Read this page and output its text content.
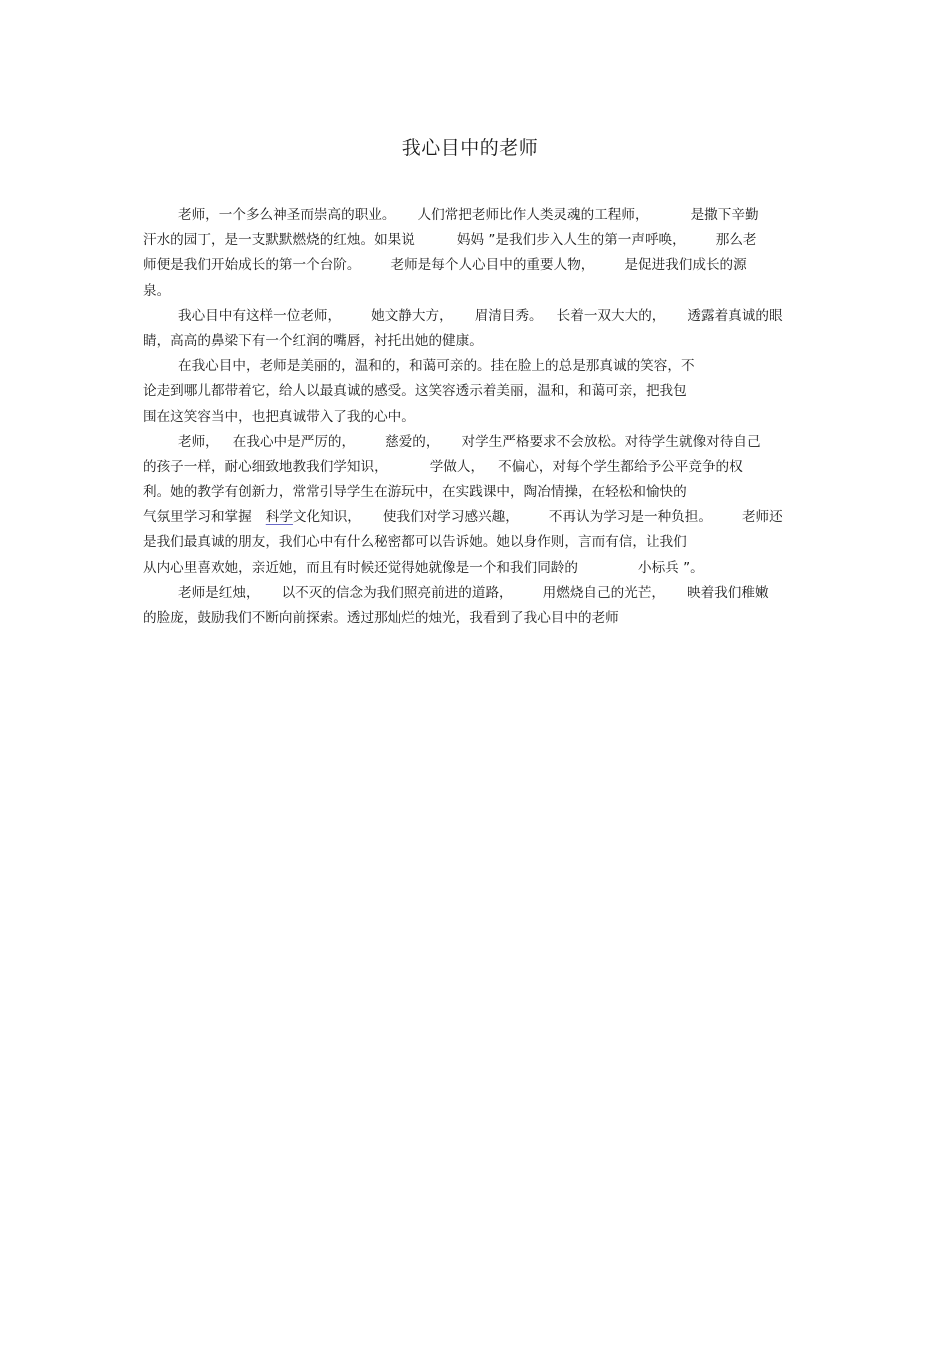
我心目中的老师
老师，一个多么神圣而崇高的职业。 人们常把老师比作人类灵魂的工程师，	是撒下辛勤
汗水的园丁，是一支默默燃烧的红烛。如果说	妈妈 ”是我们步入人生的第一声呼唤， 那么老
师便是我们开始成长的第一个台阶。 老师是每个人心目中的重要人物， 是促进我们成长的源
泉。
我心目中有这样一位老师， 她文静大方， 眉清目秀。 长着一双大大的， 透露着真诚的眼
睛，高高的鼻梁下有一个红润的嘴唇，衬托出她的健康。
在我心目中，老师是美丽的，温和的，和蔼可亲的。挂在脸上的总是那真诚的笑容，不
论走到哪儿都带着它，给人以最真诚的感受。这笑容透示着美丽，温和，和蔼可亲，把我包
围在这笑容当中，也把真诚带入了我的心中。
老师， 在我心中是严厉的， 慈爱的， 对学生严格要求不会放松。对待学生就像对待自己
的孩子一样，耐心细致地教我们学知识，	学做人， 不偏心，对每个学生都给予公平竞争的权
利。她的教学有创新力，常常引导学生在游玩中，在实践课中，陶冶情操，在轻松和愉快的
气氛里学习和掌握 科学文化知识， 使我们对学习感兴趣， 不再认为学习是一种负担。 老师还
是我们最真诚的朋友，我们心中有什么秘密都可以告诉她。她以身作则，言而有信，让我们
从内心里喜欢她，亲近她，而且有时候还觉得她就像是一个和我们同龄的	小标兵 ”。
老师是红烛， 以不灭的信念为我们照亮前进的道路， 用燃烧自己的光芒， 映着我们稚嫩
的脸庞，鼓励我们不断向前探索。透过那灿烂的烛光，我看到了我心目中的老师
